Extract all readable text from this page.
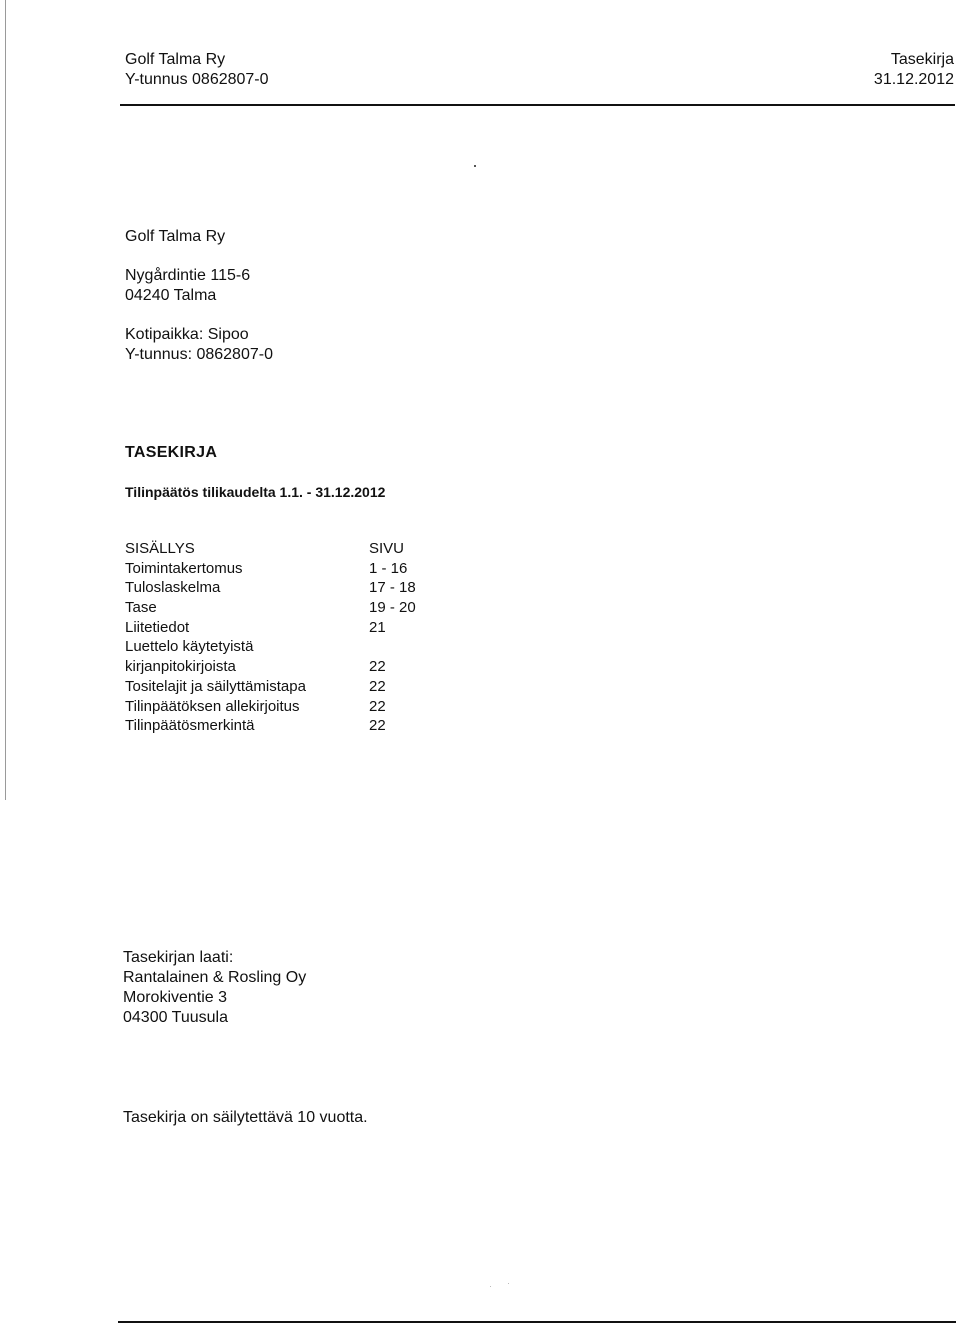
Golf Talma Ry
Y-tunnus 0862807-0
Tasekirja
31.12.2012
Golf Talma Ry
Nygårdintie 115-6
04240 Talma
Kotipaikka: Sipoo
Y-tunnus: 0862807-0
TASEKIRJA
Tilinpäätös tilikaudelta 1.1. - 31.12.2012
SISÄLLYS	SIVU
Toimintakertomus	1 - 16
Tuloslaskelma	17 - 18
Tase	19 - 20
Liitetiedot	21
Luettelo käytetyistä
kirjanpitokirjoista	22
Tositelajit ja säilyttämistapa	22
Tilinpäätöksen allekirjoitus	22
Tilinpäätösmerkintä	22
Tasekirjan laati:
Rantalainen & Rosling Oy
Morokiventie 3
04300 Tuusula
Tasekirja on säilytettävä 10 vuotta.
